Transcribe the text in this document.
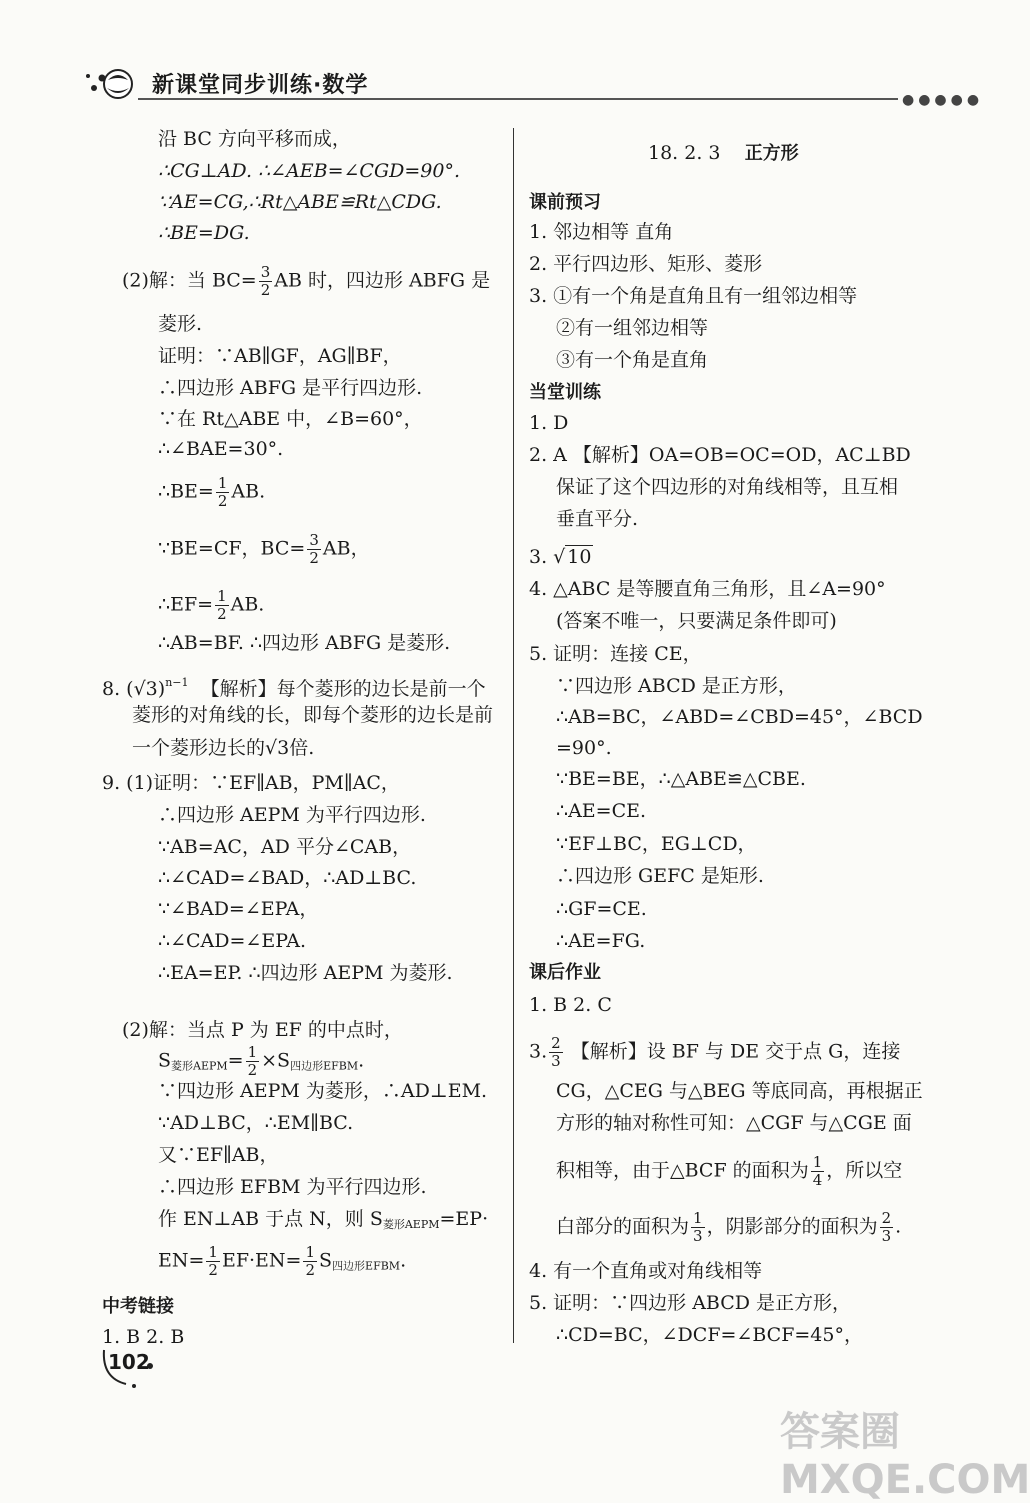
新课堂同步训练·数学
●●●●●
沿 BC 方向平移而成，
∴CG⊥AD. ∴∠AEB=∠CGD=90°.
∵AE=CG,∴Rt△ABE≌Rt△CDG.
∴BE=DG.
(2)解：当 $BC= \frac{3}{2}$ AB 时，四边形 ABFG 是
菱形.
证明：∵AB∥GF，AG∥BF，
∴四边形 ABFG 是平行四边形.
∵在 Rt△ABE 中，∠B=60°，
∴∠BAE=30°.
∴BE= $\frac{1}{2}$ AB.
∵BE=CF，$BC= \frac{3}{2}$ AB，
∴EF= $\frac{1}{2}$ AB.
∴AB=BF. ∴四边形 ABFG 是菱形.
8. $(√3)^{n-1}$ 【解析】每个菱形的边长是前一个
菱形的对角线的长，即每个菱形的边长是前
一个菱形边长的√3倍.
9. (1)证明：∵EF∥AB，PM∥AC，
∴四边形 AEPM 为平行四边形.
∵AB=AC，AD 平分∠CAB，
∴∠CAD=∠BAD，∴AD⊥BC.
∵∠BAD=∠EPA，
∴∠CAD=∠EPA.
∴EA=EP. ∴四边形 AEPM 为菱形.
(2)解：当点 P 为 EF 的中点时，
$S_{菱形AEPM}= \frac{1}{2} \times S_{四边形EFBM}$.
∵四边形 AEPM 为菱形，∴AD⊥EM.
∵AD⊥BC，∴EM∥BC.
又∵EF∥AB，
∴四边形 EFBM 为平行四边形.
作 EN⊥AB 于点 N，则 $S_{菱形AEPM}=EP\cdot$
$EN= \frac{1}{2} EF\cdot EN= \frac{1}{2} S_{四边形EFBM}$.
中考链接
1. B 2. B
18. 2. 3 正方形
课前预习
1. 邻边相等 直角
2. 平行四边形、矩形、菱形
3. ①有一个角是直角且有一组邻边相等
②有一组邻边相等
③有一个角是直角
当堂训练
1. D
2. A 【解析】OA=OB=OC=OD，AC⊥BD
保证了这个四边形的对角线相等，且互相
垂直平分.
3. √ 10
4. △ABC 是等腰直角三角形，且∠A=90°
(答案不唯一，只要满足条件即可)
5. 证明：连接 CE，
∵四边形 ABCD 是正方形，
∴AB=BC，∠ABD=∠CBD=45°，∠BCD
=90°.
∵BE=BE，∴△ABE≌△CBE.
∴AE=CE.
∵EF⊥BC，EG⊥CD，
∴四边形 GEFC 是矩形.
∴GF=CE.
∴AE=FG.
课后作业
1. B 2. C
3. $\frac{2}{3}$ 【解析】设 BF 与 DE 交于点 G，连接
CG，△CEG 与△BEG 等底同高，再根据正
方形的轴对称性可知：△CGF 与△CGE 面
积相等，由于△BCF 的面积为 $\frac{1}{4}$ ，所以空
白部分的面积为 $\frac{1}{3}$ ，阴影部分的面积为 $\frac{2}{3}$ .
4. 有一个直角或对角线相等
5. 证明：∵四边形 ABCD 是正方形，
∴CD=BC，∠DCF=∠BCF=45°，
102
答案圈 MXQE.COM
